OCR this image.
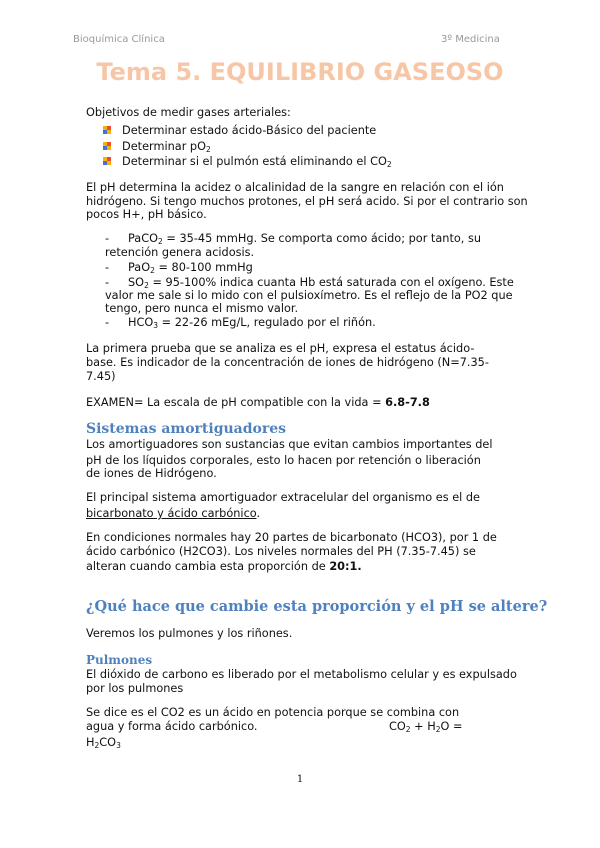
Bioquímica Clínica	3º Medicina
Tema 5. EQUILIBRIO GASEOSO
Objetivos de medir gases arteriales:
Determinar estado ácido-Básico del paciente
Determinar $pO_2$
Determinar si el pulmón está eliminando el $CO_2$
El pH determina la acidez o alcalinidad de la sangre en relación con el ión
hidrógeno. Si tengo muchos protones, el pH será acido. Si por el contrario son
pocos H+, pH básico.
- PaCO$_2$ = 35-45 mmHg. Se comporta como ácido; por tanto, su
retención genera acidosis.
- PaO$_2$ = 80-100 mmHg
- $SO_2 = 95-100\%$ indica cuanta Hb está saturada con el oxígeno. Este
valor me sale si lo mido con el pulsioxímetro. Es el reflejo de la PO2 que
tengo, pero nunca el mismo valor.
- $HCO_3 = 22-26$ mEg/L, regulado por el riñón.
La primera prueba que se analiza es el pH, expresa el estatus ácido-
base. Es indicador de la concentración de iones de hidrógeno (N=7.35-
7.45)
EXAMEN= La escala de pH compatible con la vida = 6.8-7.8
Sistemas amortiguadores
Los amortiguadores son sustancias que evitan cambios importantes del
pH de los líquidos corporales, esto lo hacen por retención o liberación
de iones de Hidrógeno.
El principal sistema amortiguador extracelular del organismo es el de
bicarbonato y ácido carbónico.
En condiciones normales hay 20 partes de bicarbonato (HCO3), por 1 de
ácido carbónico (H2CO3). Los niveles normales del PH (7.35-7.45) se
alteran cuando cambia esta proporción de 20:1.
¿Qué hace que cambie esta proporción y el pH se altere?
Veremos los pulmones y los riñones.
Pulmones
El dióxido de carbono es liberado por el metabolismo celular y es expulsado
por los pulmones
Se dice es el CO2 es un ácido en potencia porque se combina con
agua y forma ácido carbónico.	$CO_2 + H_2O$ =
$H_2CO_3$
1
